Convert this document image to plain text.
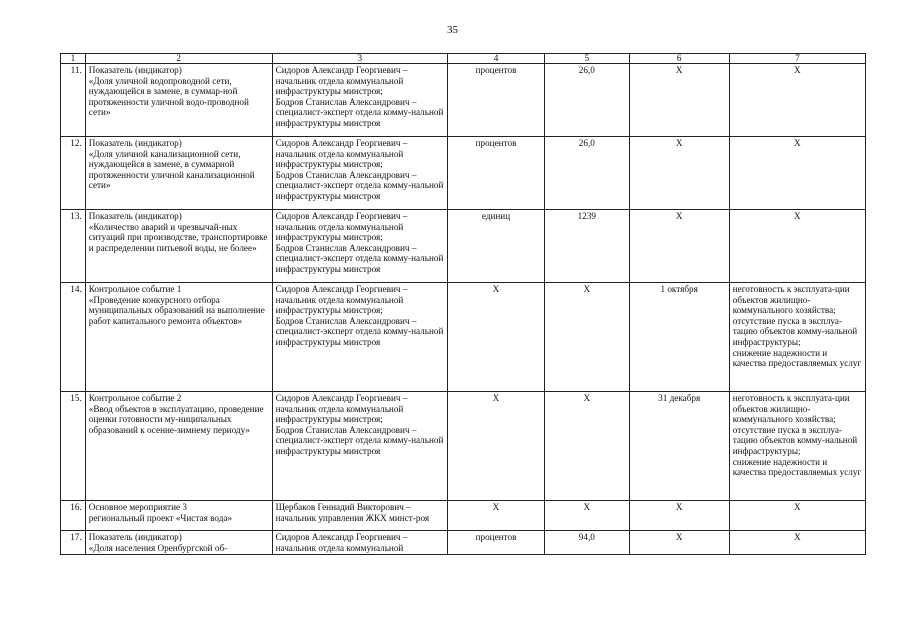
35
1	2	3	4	5	6	7
11.	Показатель (индикатор)
«Доля уличной водопроводной сети, нуждающейся в замене, в суммар-ной протяженности уличной водо-проводной сети»	Сидоров Александр Георгиевич –
начальник отдела коммунальной инфраструктуры минстроя;
Бодров Станислав Александрович – специалист-эксперт отдела комму-нальной инфраструктуры минстроя	процентов	26,0	Х	Х
12.	Показатель (индикатор)
«Доля уличной канализационной сети, нуждающейся в замене, в суммарной протяженности уличной канализационной сети»	Сидоров Александр Георгиевич –
начальник отдела коммунальной инфраструктуры минстроя;
Бодров Станислав Александрович – специалист-эксперт отдела комму-нальной инфраструктуры минстроя	процентов	26,0	Х	Х
13.	Показатель (индикатор)
«Количество аварий и чрезвычай-ных ситуаций при производстве, транспортировке и распределении питьевой воды, не более»	Сидоров Александр Георгиевич –
начальник отдела коммунальной инфраструктуры минстроя;
Бодров Станислав Александрович – специалист-эксперт отдела комму-нальной инфраструктуры минстроя	единиц	1239	Х	Х
14.	Контрольное событие 1
«Проведение конкурсного отбора муниципальных образований на выполнение работ капитального ремонта объектов»	Сидоров Александр Георгиевич –
начальник отдела коммунальной инфраструктуры минстроя;
Бодров Станислав Александрович – специалист-эксперт отдела комму-нальной инфраструктуры минстроя	Х	Х	1 октября	неготовность к эксплуата-ции объектов жилищно-коммунального хозяйства;
отсутствие пуска в эксплуа-тацию объектов комму-нальной инфраструктуры;
снижение надежности и качества предоставляемых услуг
15.	Контрольное событие 2
«Ввод объектов в эксплуатацию, проведение оценки готовности му-ниципальных образований к осенне-зимнему периоду»	Сидоров Александр Георгиевич –
начальник отдела коммунальной инфраструктуры минстроя;
Бодров Станислав Александрович – специалист-эксперт отдела комму-нальной инфраструктуры минстроя	Х	Х	31 декабря	неготовность к эксплуата-ции объектов жилищно-коммунального хозяйства;
отсутствие пуска в эксплуа-тацию объектов комму-нальной инфраструктуры;
снижение надежности и качества предоставляемых услуг
16.	Основное мероприятие 3
региональный проект «Чистая вода»	Щербаков Геннадий Викторович –
начальник управления ЖКХ минст-роя	Х	Х	Х	Х
17.	Показатель (индикатор)
«Доля населения Оренбургской об-	Сидоров Александр Георгиевич –
начальник отдела коммунальной	процентов	94,0	Х	Х
